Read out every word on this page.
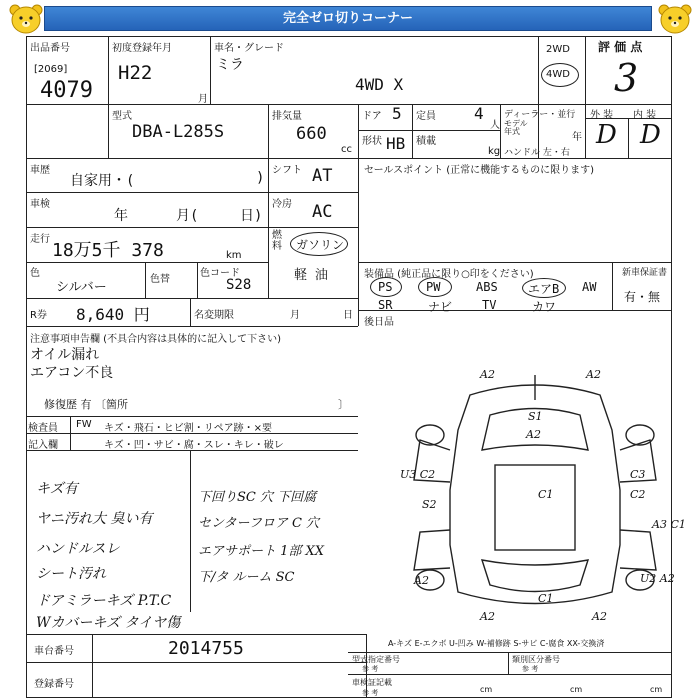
完全ゼロ切りコーナー
出品番号
[2069]
4079
初度登録年月
H22
月
車名・グレード
ミラ
4WD X
2WD
4WD
評 価 点
3
型式
DBA-L285S
排気量
660
cc
ドア 5 定員 4
人
形状 HB 積載
kg
ディーラー・並行
モデル年式
年
ハンドル 左・右
外 装 内 装
D D
車歴
自家用・(	) シフト AT
車検
年	月(	日)
冷房 AC
走行
18万5千 378	km
燃料 ガソリン
軽 油
色
シルバー
色替
色コード
S28
R券 8,640 円	名変期限	月	日
セールスポイント (正常に機能するものに限ります)
装備品 (純正品に限り○印をください)	新車保証書
有・無
後日品
注意事項申告欄 (不具合内容は具体的に記入して下さい)
オイル漏れ
エアコン不良
修復歴 有 〔箇所	〕
検査員 FW キズ・飛石・ヒビ割・リペア跡・×要
記入欄	キズ・凹・サビ・腐・スレ・キレ・破レ
A2	A2
S1
A2
U3 C2
C1
C3
C2
A3 C1
S2
A2	U2 A2
A2	A2
C1
A-キズ E-エクボ U-凹み W-補修跡 S-サビ C-腐食 XX-交換済
車台番号	2014755
登録番号
型式指定番号
参 考
類別区分番号
参 考
車検証記載
参 考	cm	cm	cm
PS	PW	ABS	エアB AW
SR	ナビ TV	カワ
キズ有
ヤニ汚れ大 臭い有
ハンドルスレ
シート汚れ
ドアミラーキズ P.T.C
Wカバーキズ タイヤ傷
下回りSC 穴 下回腐
センターフロア C 穴
エアサポート 1部 XX
下/タ ルーム SC
